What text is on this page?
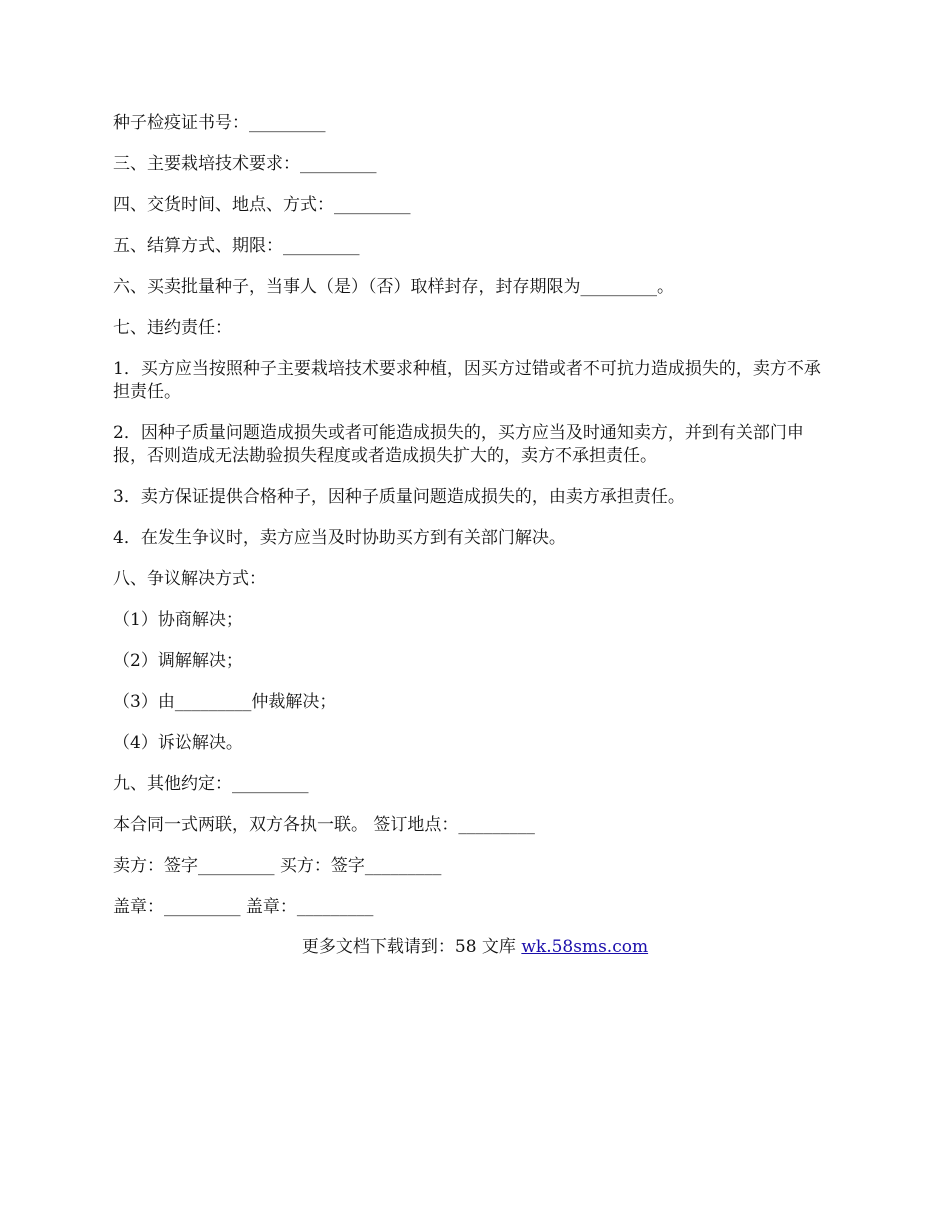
种子检疫证书号：_________

三、主要栽培技术要求：_________

四、交货时间、地点、方式：_________

五、结算方式、期限：_________

六、买卖批量种子，当事人（是）（否）取样封存，封存期限为_________。

七、违约责任：

1．买方应当按照种子主要栽培技术要求种植，因买方过错或者不可抗力造成损失的，卖方不承担责任。

2．因种子质量问题造成损失或者可能造成损失的，买方应当及时通知卖方，并到有关部门申报，否则造成无法勘验损失程度或者造成损失扩大的，卖方不承担责任。

3．卖方保证提供合格种子，因种子质量问题造成损失的，由卖方承担责任。

4．在发生争议时，卖方应当及时协助买方到有关部门解决。

八、争议解决方式：

（1）协商解决；

（2）调解解决；

（3）由_________仲裁解决；

（4）诉讼解决。

九、其他约定：_________

本合同一式两联，双方各执一联。 签订地点：_________

卖方：签字_________ 买方：签字_________

盖章：_________ 盖章：_________

更多文档下载请到：58 文库 wk.58sms.com
